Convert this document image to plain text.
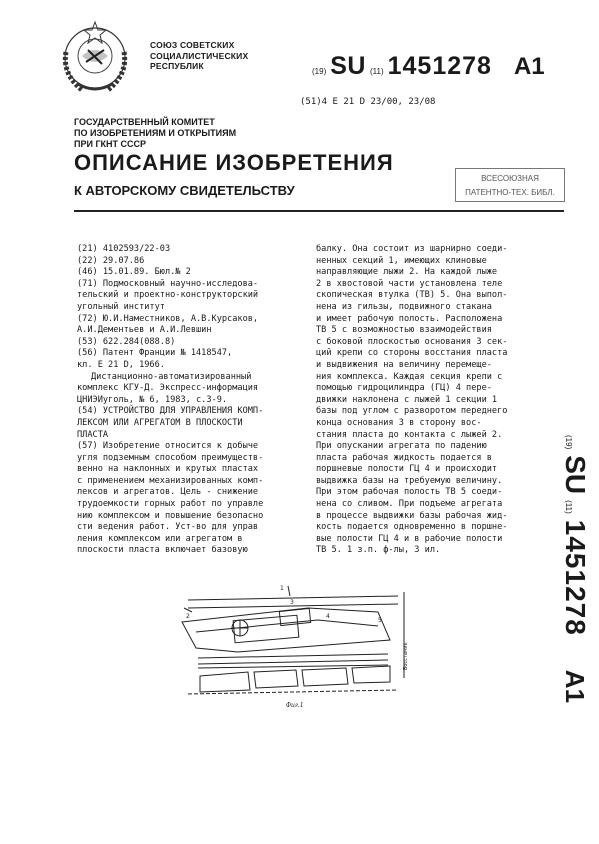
СОЮЗ СОВЕТСКИХ
СОЦИАЛИСТИЧЕСКИХ
РЕСПУБЛИК
(19) SU (11) 1451278 A1
(51)4 E 21 D 23/00, 23/08
ГОСУДАРСТВЕННЫЙ КОМИТЕТ
ПО ИЗОБРЕТЕНИЯМ И ОТКРЫТИЯМ
ПРИ ГКНТ СССР
ОПИСАНИЕ ИЗОБРЕТЕНИЯ
К АВТОРСКОМУ СВИДЕТЕЛЬСТВУ
ВСЕСОЮЗНАЯ
ПАТЕНТНО-ТЕХ. БИБЛ.
(21) 4102593/22-03
(22) 29.07.86
(46) 15.01.89. Бюл.№ 2
(71) Подмосковный научно-исследова-
тельский и проектно-конструкторский
угольный институт
(72) Ю.И.Наместников, А.В.Курсаков,
А.И.Дементьев и А.И.Левшин
(53) 622.284(088.8)
(56) Патент Франции № 1418547,
кл. E 21 D, 1966.
Дистанционно-автоматизированный
комплекс КГУ-Д. Экспресс-информация
ЦНИЭИуголь, № 6, 1983, с.3-9.
(54) УСТРОЙСТВО ДЛЯ УПРАВЛЕНИЯ КОМП-
ЛЕКСОМ ИЛИ АГРЕГАТОМ В ПЛОСКОСТИ
ПЛАСТА
(57) Изобретение относится к добыче
угля подземным способом преимуществ-
венно на наклонных и крутых пластах
с применением механизированных комп-
лексов и агрегатов. Цель - снижение
трудоемкости горных работ по управле
нию комплексом и повышение безопасно
сти ведения работ. Уст-во для управ
ления комплексом или агрегатом в
плоскости пласта включает базовую
балку. Она состоит из шарнирно соеди-
ненных секций 1, имеющих клиновые
направляющие лыжи 2. На каждой лыже
2 в хвостовой части установлена теле
скопическая втулка (ТВ) 5. Она выпол-
нена из гильзы, подвижного стакана
и имеет рабочую полость. Расположена
ТВ 5 с возможностью взаимодействия
с боковой плоскостью основания 3 сек-
ций крепи со стороны восстания пласта
и выдвижения на величину перемеще-
ния комплекса. Каждая секция крепи с
помощью гидроцилиндра (ГЦ) 4 пере-
движки наклонена с лыжей 1 секции 1
базы под углом с разворотом переднего
конца основания 3 в сторону вос-
стания пласта до контакта с лыжей 2.
При опускании агрегата по падению
пласта рабочая жидкость подается в
поршневые полости ГЦ 4 и происходит
выдвижка базы на требуемую величину.
При этом рабочая полость ТВ 5 соеди-
нена со сливом. При подъеме агрегата
в процессе выдвижки базы рабочая жид-
кость подается одновременно в поршне-
вые полости ГЦ 4 и в рабочие полости
ТВ 5. 1 з.п. ф-лы, 3 ил.
(19)
SU
(11)
1451278
A1
1
2
3
4
5
Восстание
Фиг.1
